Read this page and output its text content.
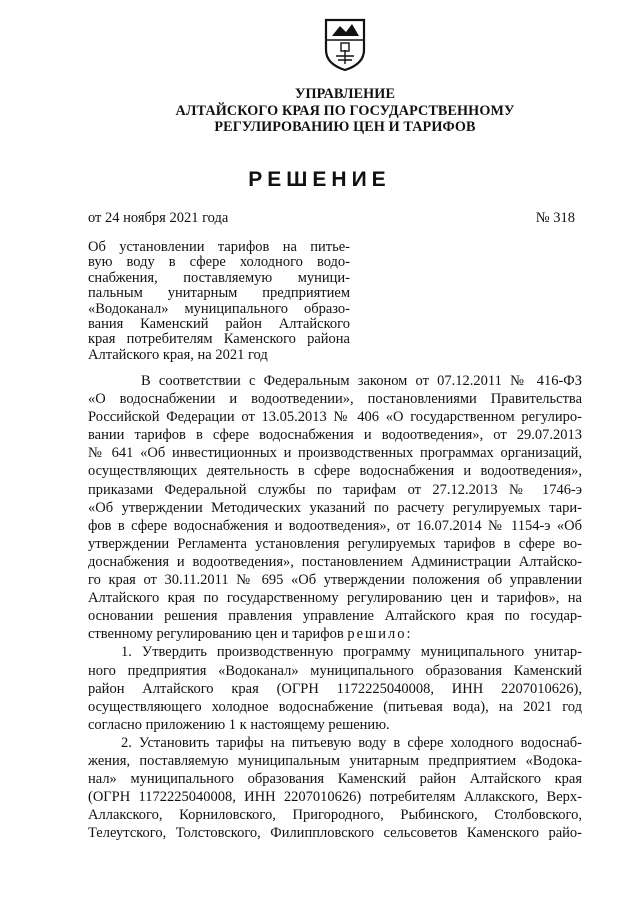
УПРАВЛЕНИЕ
АЛТАЙСКОГО КРАЯ ПО ГОСУДАРСТВЕННОМУ
РЕГУЛИРОВАНИЮ ЦЕН И ТАРИФОВ
РЕШЕНИЕ
от 24 ноября 2021 года	№ 318
Об установлении тарифов на питье-
вую воду в сфере холодного водо-
снабжения, поставляемую муници-
пальным унитарным предприятием
«Водоканал» муниципального образо-
вания Каменский район Алтайского
края потребителям Каменского района
Алтайского края, на 2021 год
В соответствии с Федеральным законом от 07.12.2011 № 416-ФЗ
«О водоснабжении и водоотведении», постановлениями Правительства
Российской Федерации от 13.05.2013 № 406 «О государственном регулиро-
вании тарифов в сфере водоснабжения и водоотведения», от 29.07.2013
№ 641 «Об инвестиционных и производственных программах организаций,
осуществляющих деятельность в сфере водоснабжения и водоотведения»,
приказами Федеральной службы по тарифам от 27.12.2013 № 1746-э
«Об утверждении Методических указаний по расчету регулируемых тари-
фов в сфере водоснабжения и водоотведения», от 16.07.2014 № 1154-э «Об
утверждении Регламента установления регулируемых тарифов в сфере во-
доснабжения и водоотведения», постановлением Администрации Алтайско-
го края от 30.11.2011 № 695 «Об утверждении положения об управлении
Алтайского края по государственному регулированию цен и тарифов», на
основании решения правления управление Алтайского края по государ-
ственному регулированию цен и тарифов решило:
1. Утвердить производственную программу муниципального унитар-
ного предприятия «Водоканал» муниципального образования Каменский
район Алтайского края (ОГРН 1172225040008, ИНН 2207010626),
осуществляющего холодное водоснабжение (питьевая вода), на 2021 год
согласно приложению 1 к настоящему решению.
2. Установить тарифы на питьевую воду в сфере холодного водоснаб-
жения, поставляемую муниципальным унитарным предприятием «Водока-
нал» муниципального образования Каменский район Алтайского края
(ОГРН 1172225040008, ИНН 2207010626) потребителям Аллакского, Верх-
Аллакского, Корниловского, Пригородного, Рыбинского, Столбовского,
Телеутского, Толстовского, Филиппловского сельсоветов Каменского райо-
